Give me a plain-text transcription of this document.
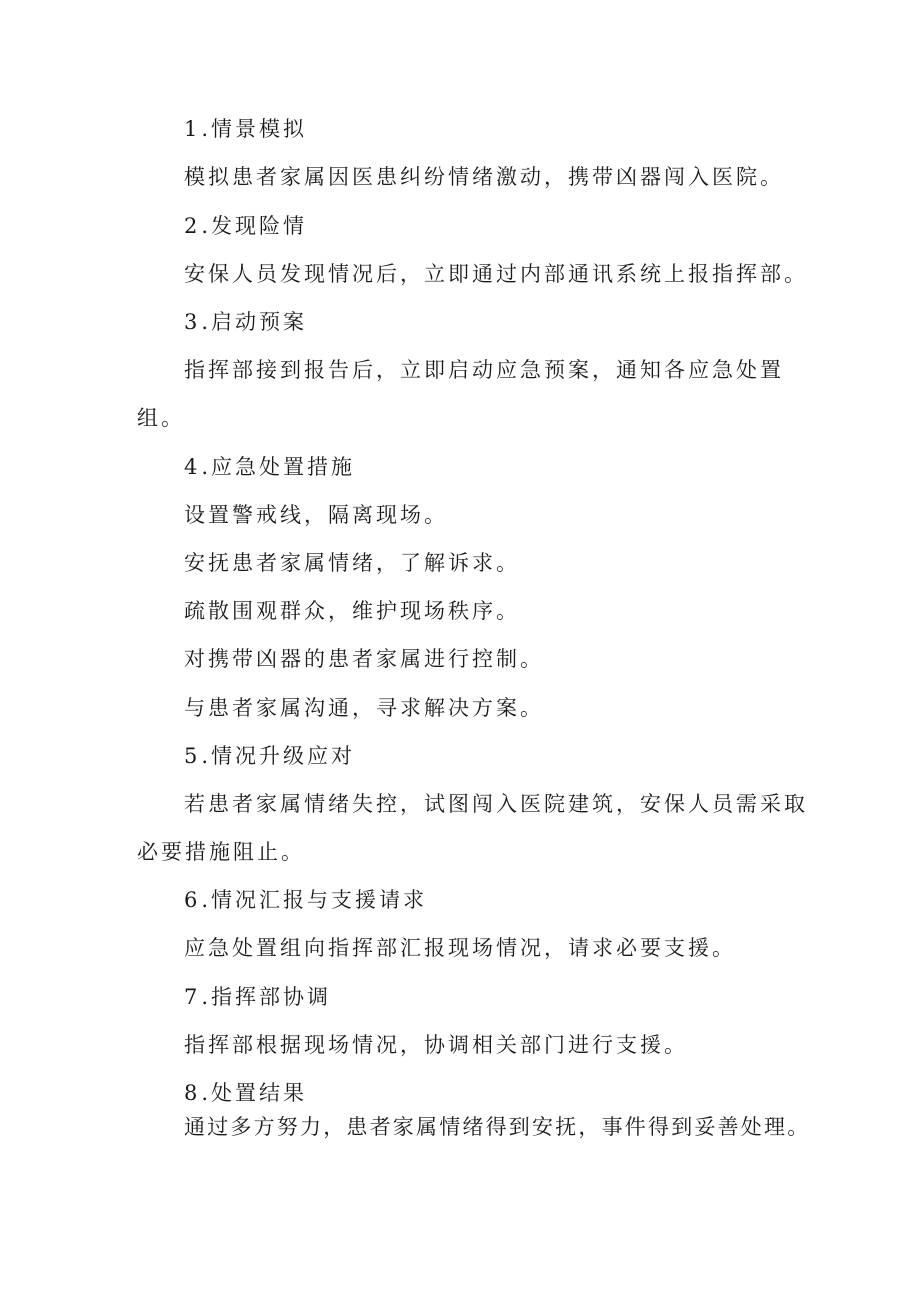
1 .情景模拟
模拟患者家属因医患纠纷情绪激动，携带凶器闯入医院。
2 .发现险情
安保人员发现情况后，立即通过内部通讯系统上报指挥部。
3 .启动预案
指挥部接到报告后，立即启动应急预案，通知各应急处置
组。
4 .应急处置措施
设置警戒线，隔离现场。
安抚患者家属情绪，了解诉求。
疏散围观群众，维护现场秩序。
对携带凶器的患者家属进行控制。
与患者家属沟通，寻求解决方案。
5 .情况升级应对
若患者家属情绪失控，试图闯入医院建筑，安保人员需采取
必要措施阻止。
6 .情况汇报与支援请求
应急处置组向指挥部汇报现场情况，请求必要支援。
7 .指挥部协调
指挥部根据现场情况，协调相关部门进行支援。
8 .处置结果
通过多方努力，患者家属情绪得到安抚，事件得到妥善处理。
